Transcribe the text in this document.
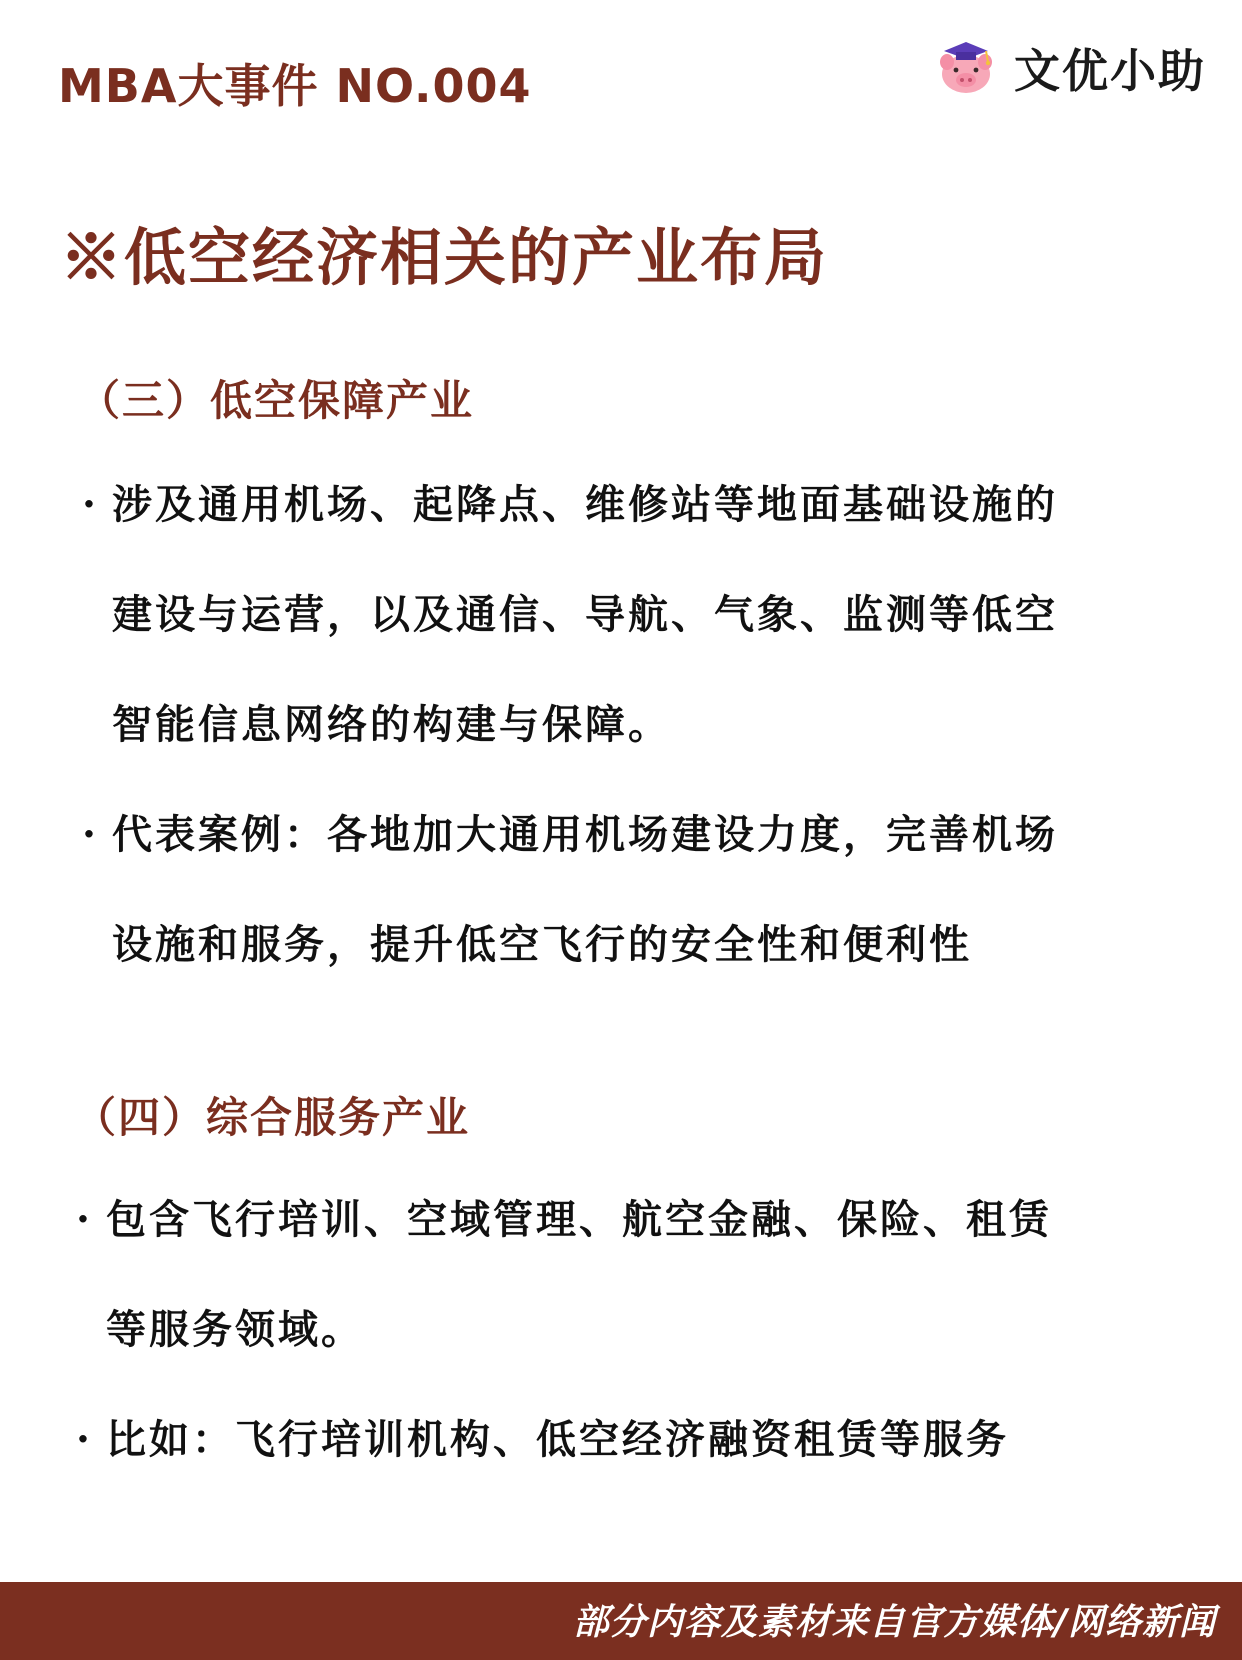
MBA大事件 NO.004	文优小助
※低空经济相关的产业布局
（三）低空保障产业
· 涉及通用机场、起降点、维修站等地面基础设施的
建设与运营，以及通信、导航、气象、监测等低空
智能信息网络的构建与保障。
· 代表案例：各地加大通用机场建设力度，完善机场
设施和服务，提升低空飞行的安全性和便利性
（四）综合服务产业
· 包含飞行培训、空域管理、航空金融、保险、租赁
等服务领域。
· 比如：飞行培训机构、低空经济融资租赁等服务
部分内容及素材来自官方媒体/网络新闻
